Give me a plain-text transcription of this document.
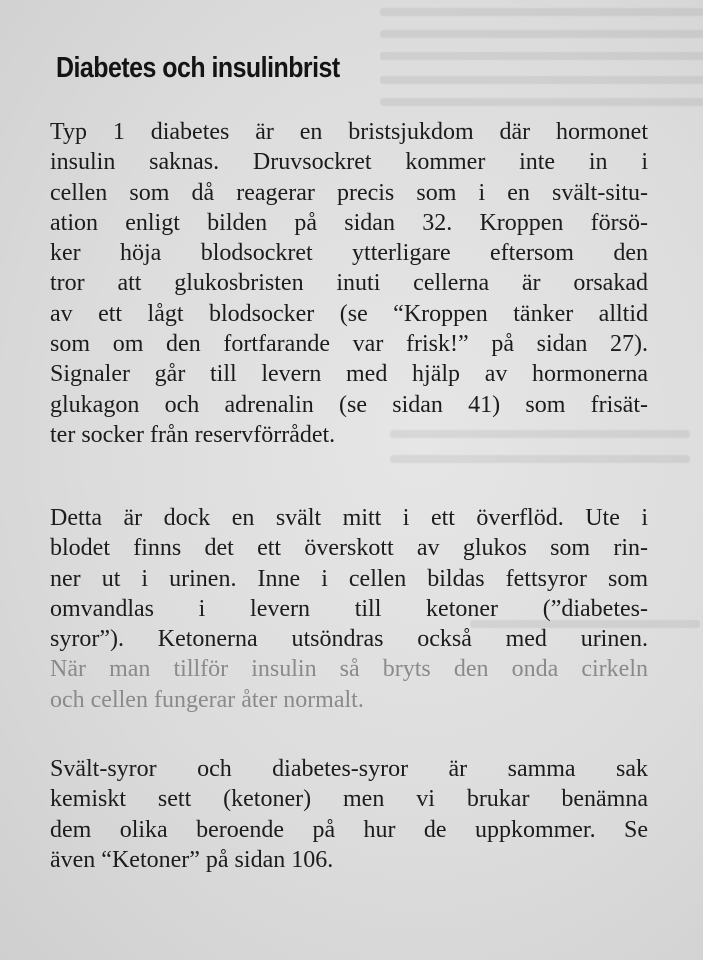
Diabetes och insulinbrist
Typ 1 diabetes är en bristsjukdom där hormonet
insulin saknas. Druvsockret kommer inte in i
cellen som då reagerar precis som i en svält-situ-
ation enligt bilden på sidan 32. Kroppen försö-
ker höja blodsockret ytterligare eftersom den
tror att glukosbristen inuti cellerna är orsakad
av ett lågt blodsocker (se “Kroppen tänker alltid
som om den fortfarande var frisk!” på sidan 27).
Signaler går till levern med hjälp av hormonerna
glukagon och adrenalin (se sidan 41) som frisät-
ter socker från reservförrådet.
Detta är dock en svält mitt i ett överflöd. Ute i
blodet finns det ett överskott av glukos som rin-
ner ut i urinen. Inne i cellen bildas fettsyror som
omvandlas i levern till ketoner (”diabetes-
syror”). Ketonerna utsöndras också med urinen.
När man tillför insulin så bryts den onda cirkeln
och cellen fungerar åter normalt.
Svält-syror och diabetes-syror är samma sak
kemiskt sett (ketoner) men vi brukar benämna
dem olika beroende på hur de uppkommer. Se
även “Ketoner” på sidan 106.
